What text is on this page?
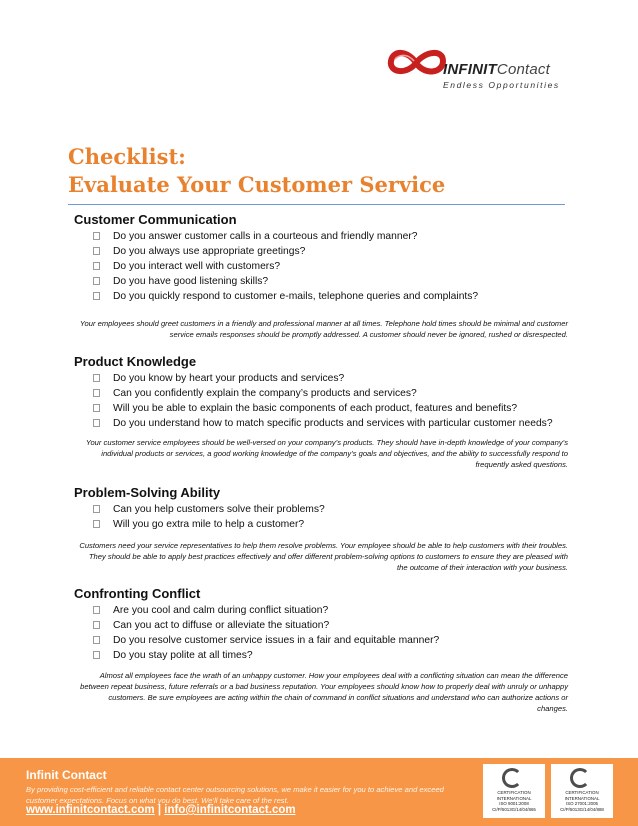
INFINITContact
Endless Opportunities
Checklist:
Evaluate Your Customer Service
Customer Communication
Do you answer customer calls in a courteous and friendly manner?
Do you always use appropriate greetings?
Do you interact well with customers?
Do you have good listening skills?
Do you quickly respond to customer e-mails, telephone queries and complaints?
Your employees should greet customers in a friendly and professional manner at all times. Telephone hold times should be minimal and customer service emails responses should be promptly addressed. A customer should never be ignored, rushed or disrespected.
Product Knowledge
Do you know by heart your products and services?
Can you confidently explain the company’s products and services?
Will you be able to explain the basic components of each product, features and benefits?
Do you understand how to match specific products and services with particular customer needs?
Your customer service employees should be well-versed on your company’s products. They should have in-depth knowledge of your company’s individual products or services, a good working knowledge of the company’s goals and objectives, and the ability to successfully respond to frequently asked questions.
Problem-Solving Ability
Can you help customers solve their problems?
Will you go extra mile to help a customer?
Customers need your service representatives to help them resolve problems. Your employee should be able to help customers with their troubles. They should be able to apply best practices effectively and offer different problem-solving options to customers to ensure they are pleased with the outcome of their interaction with your business.
Confronting Conflict
Are you cool and calm during conflict situation?
Can you act to diffuse or alleviate the situation?
Do you resolve customer service issues in a fair and equitable manner?
Do you stay polite at all times?
Almost all employees face the wrath of an unhappy customer. How your employees deal with a conflicting situation can mean the difference between repeat business, future referrals or a bad business reputation. Your employees should know how to properly deal with unruly or unhappy customers. Be sure employees are acting within the chain of command in conflict situations and understand who can authorize actions or changes.
Infinit Contact
By providing cost-efficient and reliable contact center outsourcing solutions, we make it easier for you to achieve and exceed customer expectations. Focus on what you do best. We’ll take care of the rest.
www.infinitcontact.com | info@infinitcontact.com
CERTIFICATION
INTERNATIONAL
ISO 9001:2008
CI/P/5013G/14/04/865
CERTIFICATION
INTERNATIONAL
ISO 27001:2005
CI/P/5013G/14/04/888
